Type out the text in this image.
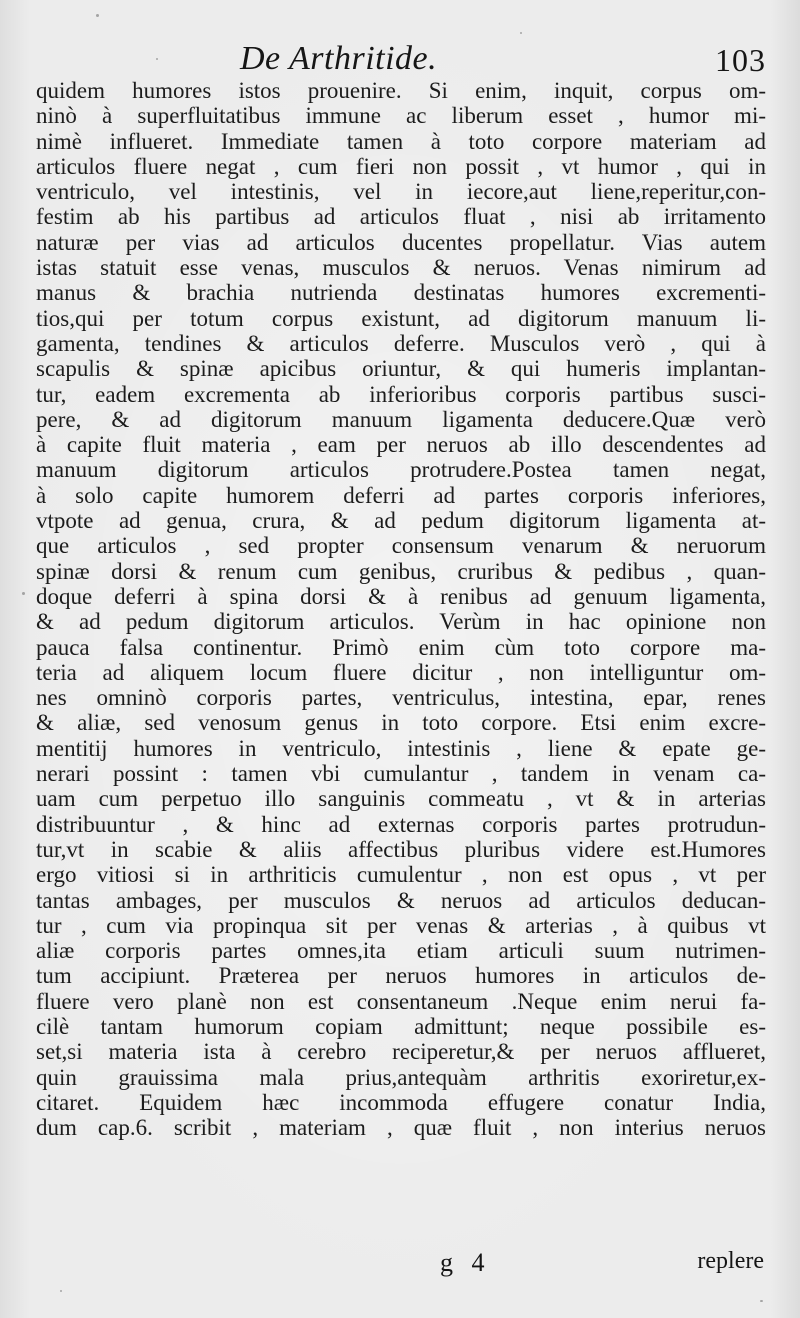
De Arthritide.	103
quidem humores istos prouenire. Si enim, inquit, corpus om-
ninò à superfluitatibus immune ac liberum esset , humor mi-
nimè influeret. Immediate tamen à toto corpore materiam ad
articulos fluere negat , cum fieri non possit , vt humor , qui in
ventriculo, vel intestinis, vel in iecore,aut liene,reperitur,con-
festim ab his partibus ad articulos fluat , nisi ab irritamento
naturæ per vias ad articulos ducentes propellatur. Vias autem
istas statuit esse venas, musculos & neruos. Venas nimirum ad
manus & brachia nutrienda destinatas humores excrementi-
tios,qui per totum corpus existunt, ad digitorum manuum li-
gamenta, tendines & articulos deferre. Musculos verò , qui à
scapulis & spinæ apicibus oriuntur, & qui humeris implantan-
tur, eadem excrementa ab inferioribus corporis partibus susci-
pere, & ad digitorum manuum ligamenta deducere.Quæ verò
à capite fluit materia , eam per neruos ab illo descendentes ad
manuum digitorum articulos protrudere.Postea tamen negat,
à solo capite humorem deferri ad partes corporis inferiores,
vtpote ad genua, crura, & ad pedum digitorum ligamenta at-
que articulos , sed propter consensum venarum & neruorum
spinæ dorsi & renum cum genibus, cruribus & pedibus , quan-
doque deferri à spina dorsi & à renibus ad genuum ligamenta,
& ad pedum digitorum articulos. Verùm in hac opinione non
pauca falsa continentur. Primò enim cùm toto corpore ma-
teria ad aliquem locum fluere dicitur , non intelliguntur om-
nes omninò corporis partes, ventriculus, intestina, epar, renes
& aliæ, sed venosum genus in toto corpore. Etsi enim excre-
mentitij humores in ventriculo, intestinis , liene & epate ge-
nerari possint : tamen vbi cumulantur , tandem in venam ca-
uam cum perpetuo illo sanguinis commeatu , vt & in arterias
distribuuntur , & hinc ad externas corporis partes protrudun-
tur,vt in scabie & aliis affectibus pluribus videre est.Humores
ergo vitiosi si in arthriticis cumulentur , non est opus , vt per
tantas ambages, per musculos & neruos ad articulos deducan-
tur , cum via propinqua sit per venas & arterias , à quibus vt
aliæ corporis partes omnes,ita etiam articuli suum nutrimen-
tum accipiunt. Præterea per neruos humores in articulos de-
fluere vero planè non est consentaneum .Neque enim nerui fa-
cilè tantam humorum copiam admittunt; neque possibile es-
set,si materia ista à cerebro reciperetur,& per neruos afflueret,
quin grauissima mala prius,antequàm arthritis exoriretur,ex-
citaret. Equidem hæc incommoda effugere conatur India,
dum cap.6. scribit , materiam , quæ fluit , non interius neruos
g 4	replere
